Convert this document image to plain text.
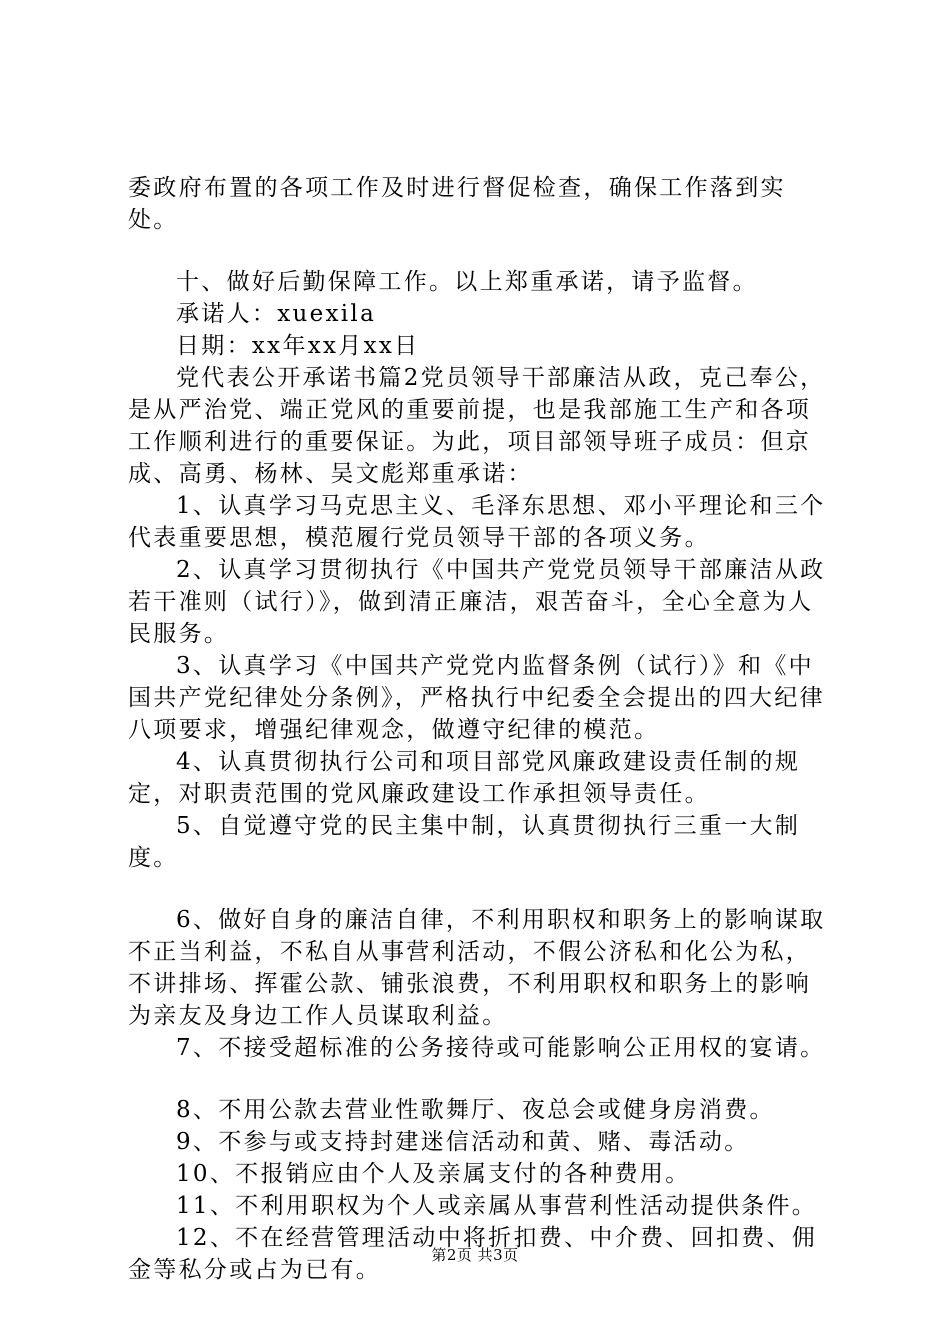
委政府布置的各项工作及时进行督促检查，确保工作落到实处。

十、做好后勤保障工作。以上郑重承诺，请予监督。

承诺人：xuexila

日期：xx年xx月xx日

党代表公开承诺书篇2党员领导干部廉洁从政，克己奉公，是从严治党、端正党风的重要前提，也是我部施工生产和各项工作顺利进行的重要保证。为此，项目部领导班子成员：但京成、高勇、杨林、吴文彪郑重承诺：

1、认真学习马克思主义、毛泽东思想、邓小平理论和三个代表重要思想，模范履行党员领导干部的各项义务。

2、认真学习贯彻执行《中国共产党党员领导干部廉洁从政若干准则（试行）》，做到清正廉洁，艰苦奋斗，全心全意为人民服务。

3、认真学习《中国共产党党内监督条例（试行）》和《中国共产党纪律处分条例》，严格执行中纪委全会提出的四大纪律八项要求，增强纪律观念，做遵守纪律的模范。

4、认真贯彻执行公司和项目部党风廉政建设责任制的规定，对职责范围的党风廉政建设工作承担领导责任。

5、自觉遵守党的民主集中制，认真贯彻执行三重一大制度。

6、做好自身的廉洁自律，不利用职权和职务上的影响谋取不正当利益，不私自从事营利活动，不假公济私和化公为私，不讲排场、挥霍公款、铺张浪费，不利用职权和职务上的影响为亲友及身边工作人员谋取利益。

7、不接受超标准的公务接待或可能影响公正用权的宴请。

8、不用公款去营业性歌舞厅、夜总会或健身房消费。

9、不参与或支持封建迷信活动和黄、赌、毒活动。

10、不报销应由个人及亲属支付的各种费用。

11、不利用职权为个人或亲属从事营利性活动提供条件。

12、不在经营管理活动中将折扣费、中介费、回扣费、佣金等私分或占为已有。

第2页 共3页
